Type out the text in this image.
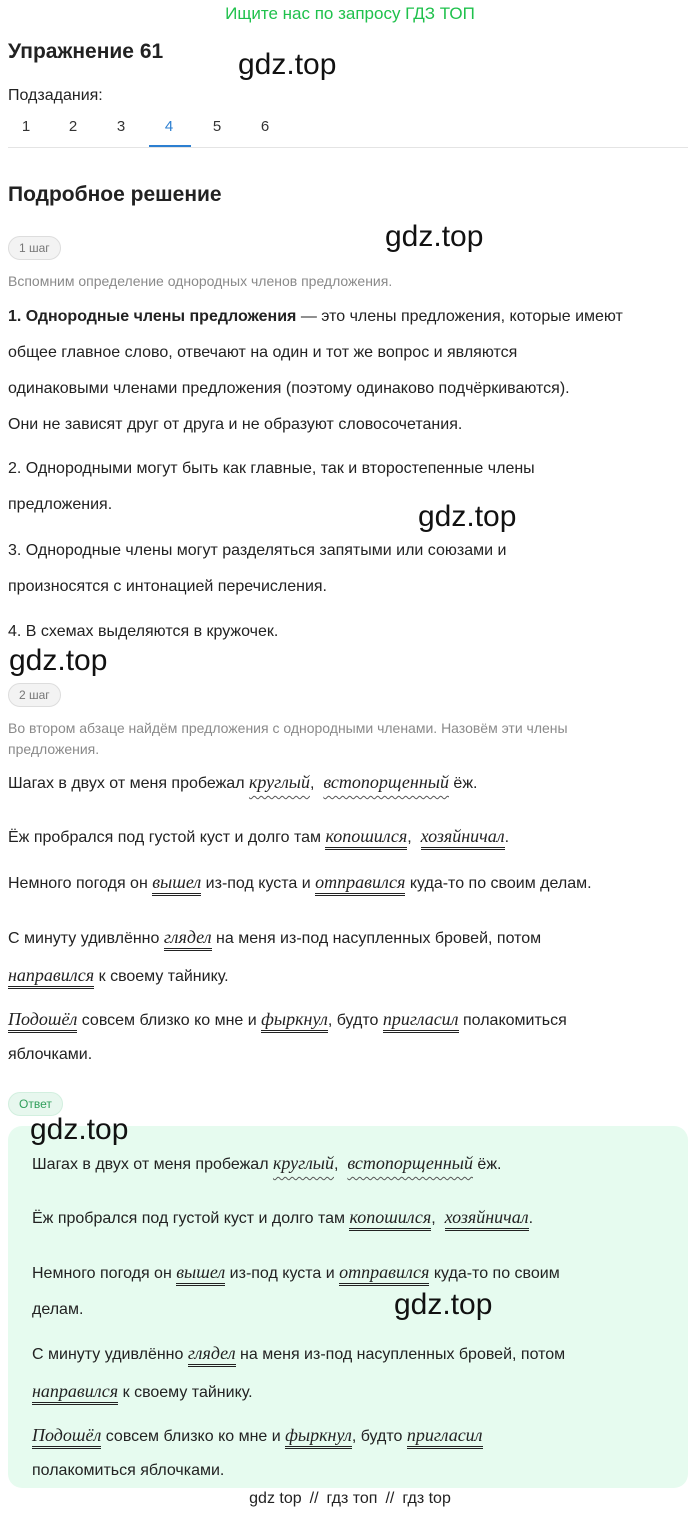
Ищите нас по запросу ГДЗ ТОП
Упражнение 61 gdz.top
Подзадания:
1	2	3	4	5	6
Подробное решение
1 шаг	gdz.top
Вспомним определение однородных членов предложения.
1. Однородные члены предложения — это члены предложения, которые имеют
общее главное слово, отвечают на один и тот же вопрос и являются
одинаковыми членами предложения (поэтому одинаково подчёркиваются).
Они не зависят друг от друга и не образуют словосочетания.
2. Однородными могут быть как главные, так и второстепенные члены
предложения.	gdz.top
3. Однородные члены могут разделяться запятыми или союзами и
произносятся с интонацией перечисления.
4. В схемах выделяются в кружочек.
gdz.top
2 шаг
Во втором абзаце найдём предложения с однородными членами. Назовём эти члены
предложения.
Шагах в двух от меня пробежал круглый,  встопорщенный ёж.
Ёж пробрался под густой куст и долго там копошился,  хозяйничал.
Немного погодя он вышел из-под куста и отправился куда-то по своим делам.
С минуту удивлённо глядел на меня из-под насупленных бровей, потом
направился к своему тайнику.
Подошёл совсем близко ко мне и фыркнул, будто пригласил полакомиться
яблочками.
Ответ
gdz.top
Шагах в двух от меня пробежал круглый,  встопорщенный ёж.
Ёж пробрался под густой куст и долго там копошился,  хозяйничал.
Немного погодя он вышел из-под куста и отправился куда-то по своим
делам.	gdz.top
С минуту удивлённо глядел на меня из-под насупленных бровей, потом
направился к своему тайнику.
Подошёл совсем близко ко мне и фыркнул, будто пригласил
полакомиться яблочками.
gdz top // гдз топ // гдз top
